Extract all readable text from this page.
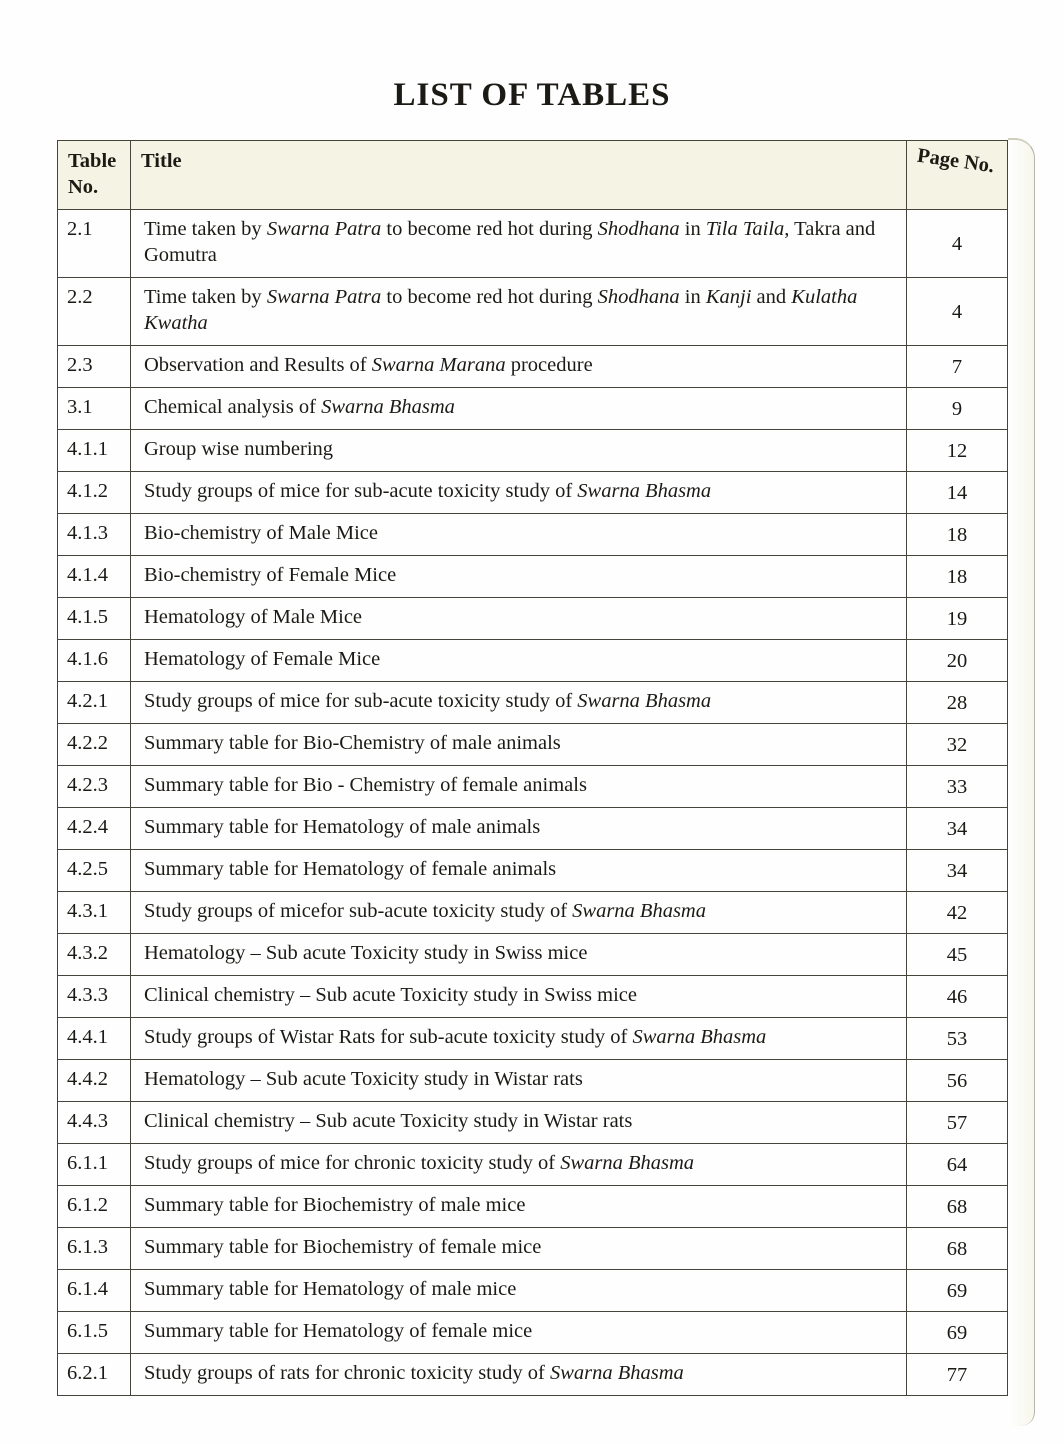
LIST OF TABLES
Table No.	Title	Page No.
2.1	Time taken by Swarna Patra to become red hot during Shodhana in Tila Taila, Takra and Gomutra	4
2.2	Time taken by Swarna Patra to become red hot during Shodhana in Kanji and Kulatha Kwatha	4
2.3	Observation and Results of Swarna Marana procedure	7
3.1	Chemical analysis of Swarna Bhasma	9
4.1.1	Group wise numbering	12
4.1.2	Study groups of mice for sub-acute toxicity study of Swarna Bhasma	14
4.1.3	Bio-chemistry of Male Mice	18
4.1.4	Bio-chemistry of Female Mice	18
4.1.5	Hematology of Male Mice	19
4.1.6	Hematology of Female Mice	20
4.2.1	Study groups of mice for sub-acute toxicity study of Swarna Bhasma	28
4.2.2	Summary table for Bio-Chemistry of male animals	32
4.2.3	Summary table for Bio - Chemistry of female animals	33
4.2.4	Summary table for Hematology of male animals	34
4.2.5	Summary table for Hematology of female animals	34
4.3.1	Study groups of micefor sub-acute toxicity study of Swarna Bhasma	42
4.3.2	Hematology – Sub acute Toxicity study in Swiss mice	45
4.3.3	Clinical chemistry – Sub acute Toxicity study in Swiss mice	46
4.4.1	Study groups of Wistar Rats for sub-acute toxicity study of Swarna Bhasma	53
4.4.2	Hematology – Sub acute Toxicity study in Wistar rats	56
4.4.3	Clinical chemistry – Sub acute Toxicity study in Wistar rats	57
6.1.1	Study groups of mice for chronic toxicity study of Swarna Bhasma	64
6.1.2	Summary table for Biochemistry of male mice	68
6.1.3	Summary table for Biochemistry of female mice	68
6.1.4	Summary table for Hematology of male mice	69
6.1.5	Summary table for Hematology of female mice	69
6.2.1	Study groups of rats for chronic toxicity study of Swarna Bhasma	77
